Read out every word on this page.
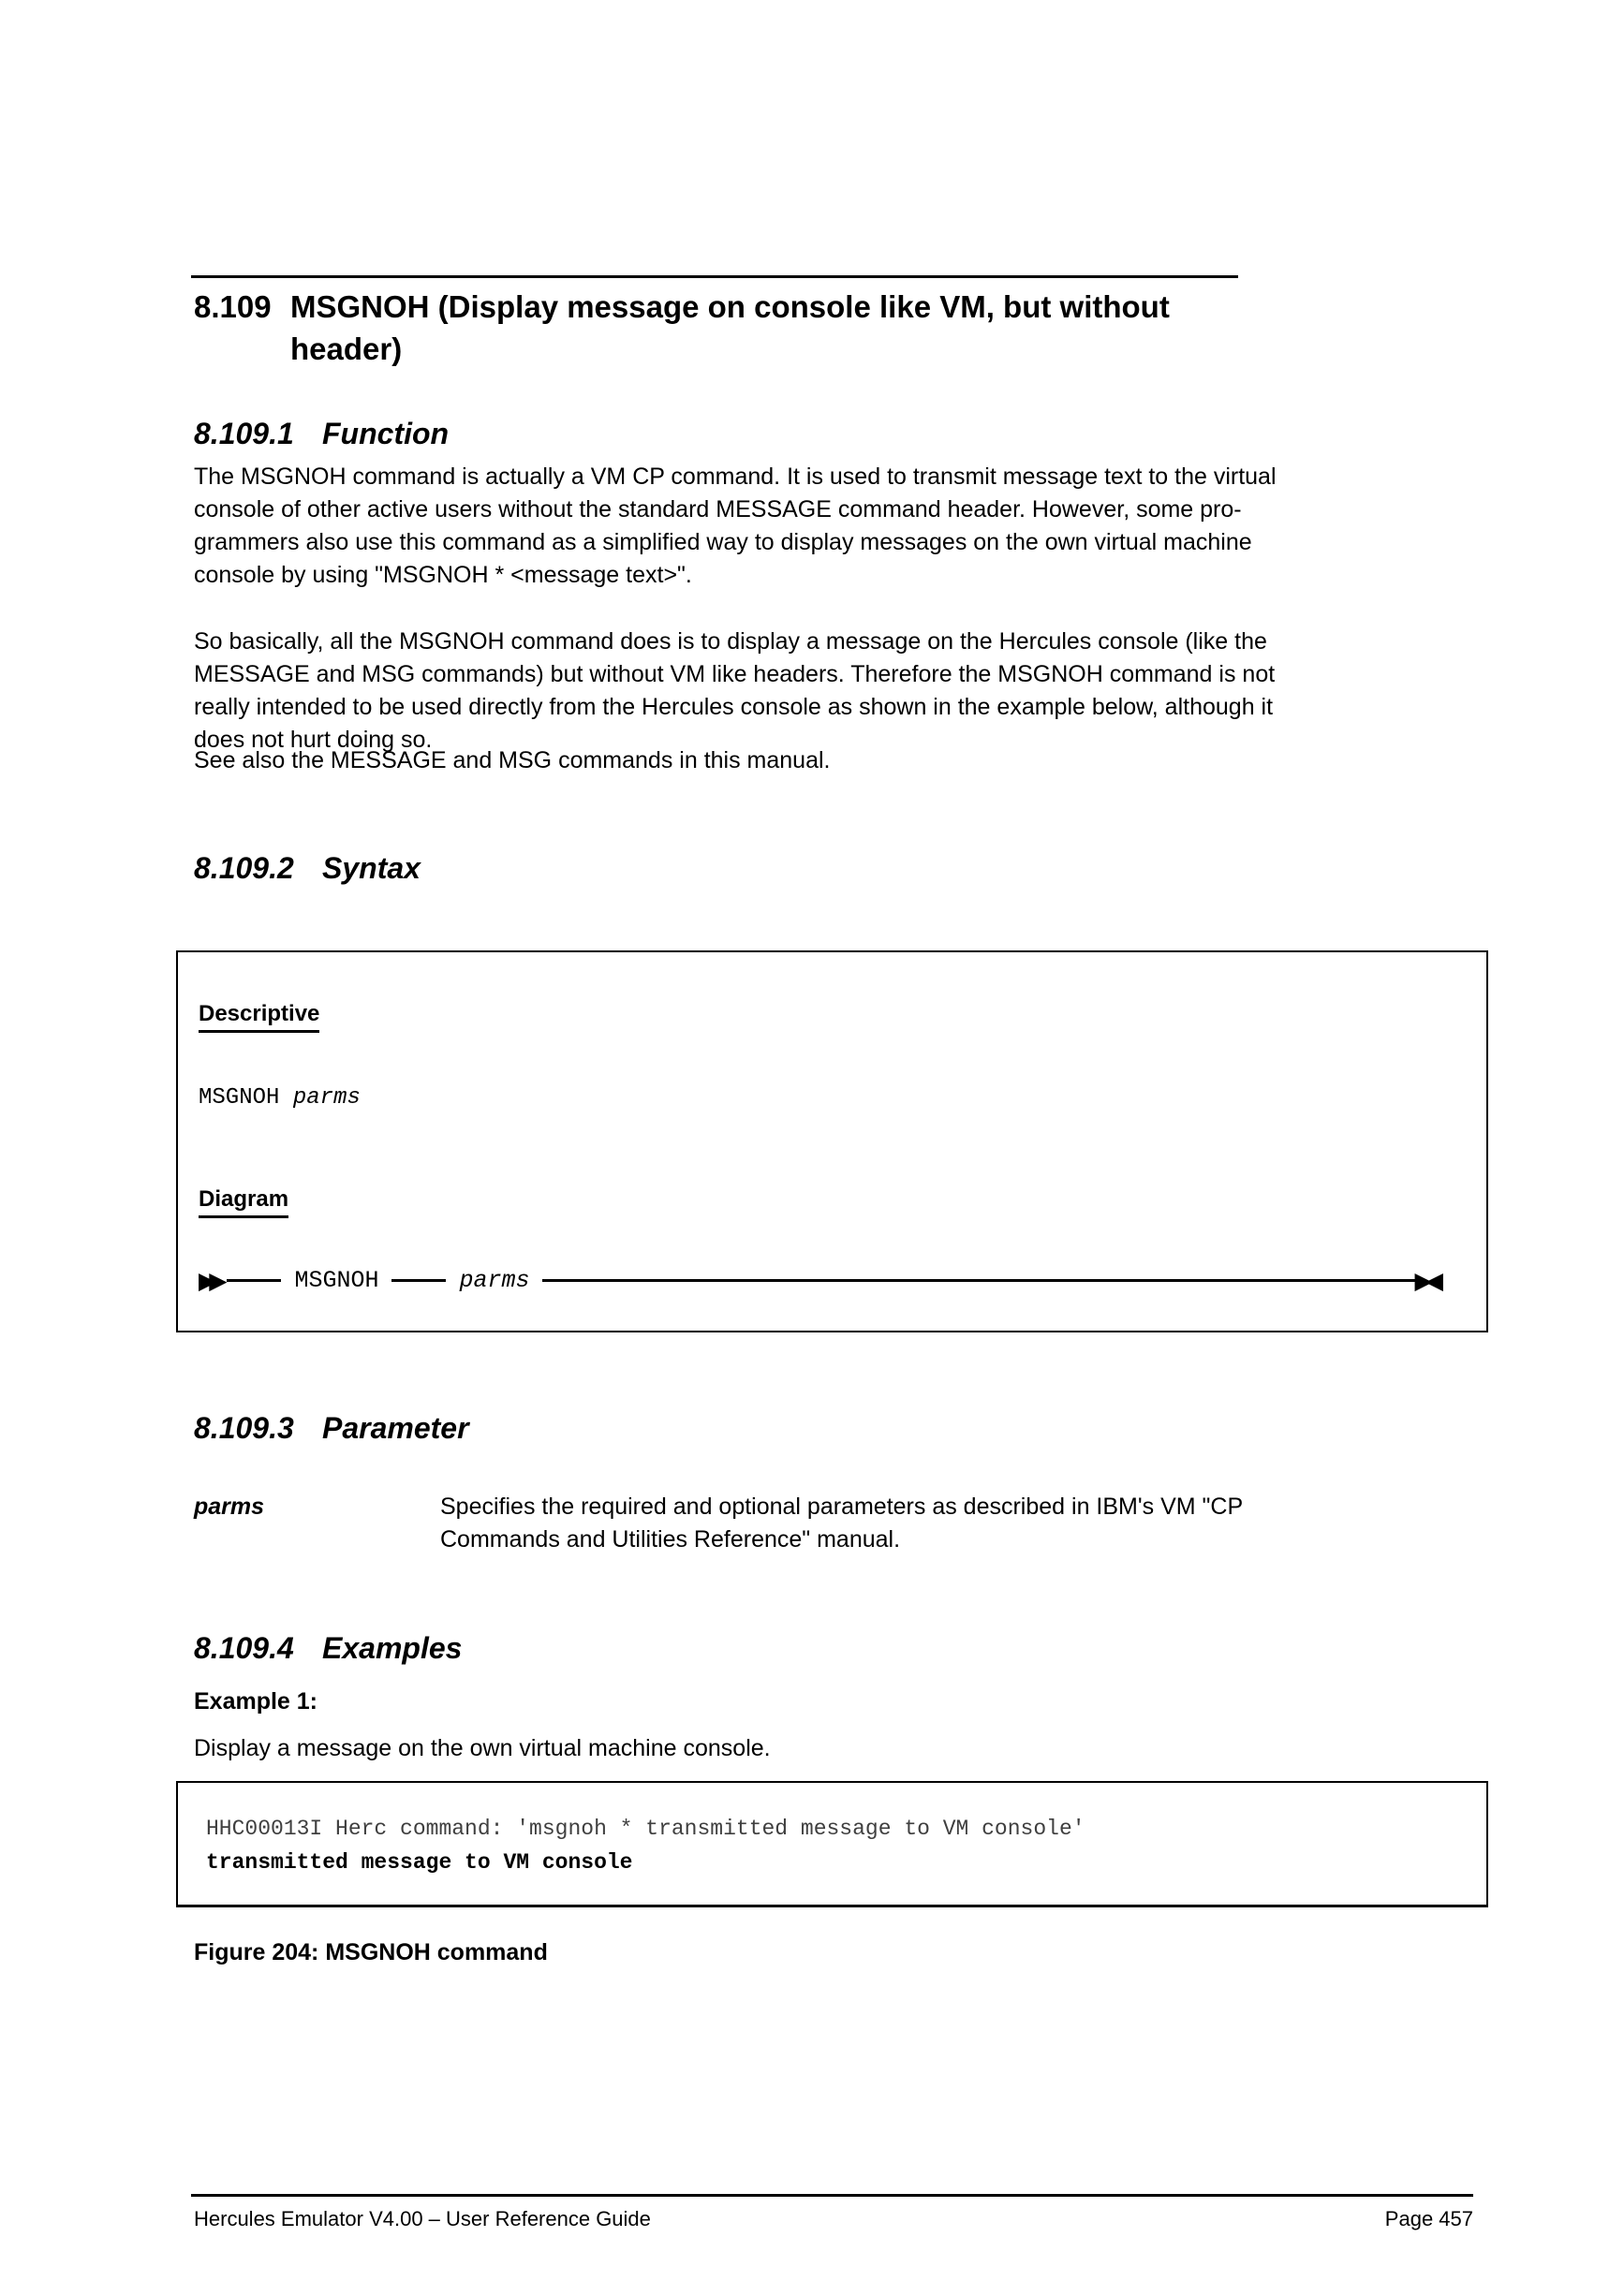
8.109 MSGNOH (Display message on console like VM, but without
header)
8.109.1 Function
The MSGNOH command is actually a VM CP command. It is used to transmit message text to the virtual
console of other active users without the standard MESSAGE command header. However, some pro-
grammers also use this command as a simplified way to display messages on the own virtual machine
console by using "MSGNOH * <message text>".
So basically, all the MSGNOH command does is to display a message on the Hercules console (like the
MESSAGE and MSG commands) but without VM like headers. Therefore the MSGNOH command is not
really intended to be used directly from the Hercules console as shown in the example below, although it
does not hurt doing so.
See also the MESSAGE and MSG commands in this manual.
8.109.2 Syntax
Descriptive
MSGNOH parms
Diagram
▶▶	MSGNOH	parms	▶◀
8.109.3 Parameter
parms	Specifies the required and optional parameters as described in IBM's VM "CP
Commands and Utilities Reference" manual.
8.109.4 Examples
Example 1:
Display a message on the own virtual machine console.
HHC00013I Herc command: 'msgnoh * transmitted message to VM console'
transmitted message to VM console
Figure 204: MSGNOH command
Hercules Emulator V4.00 – User Reference Guide	Page 457
